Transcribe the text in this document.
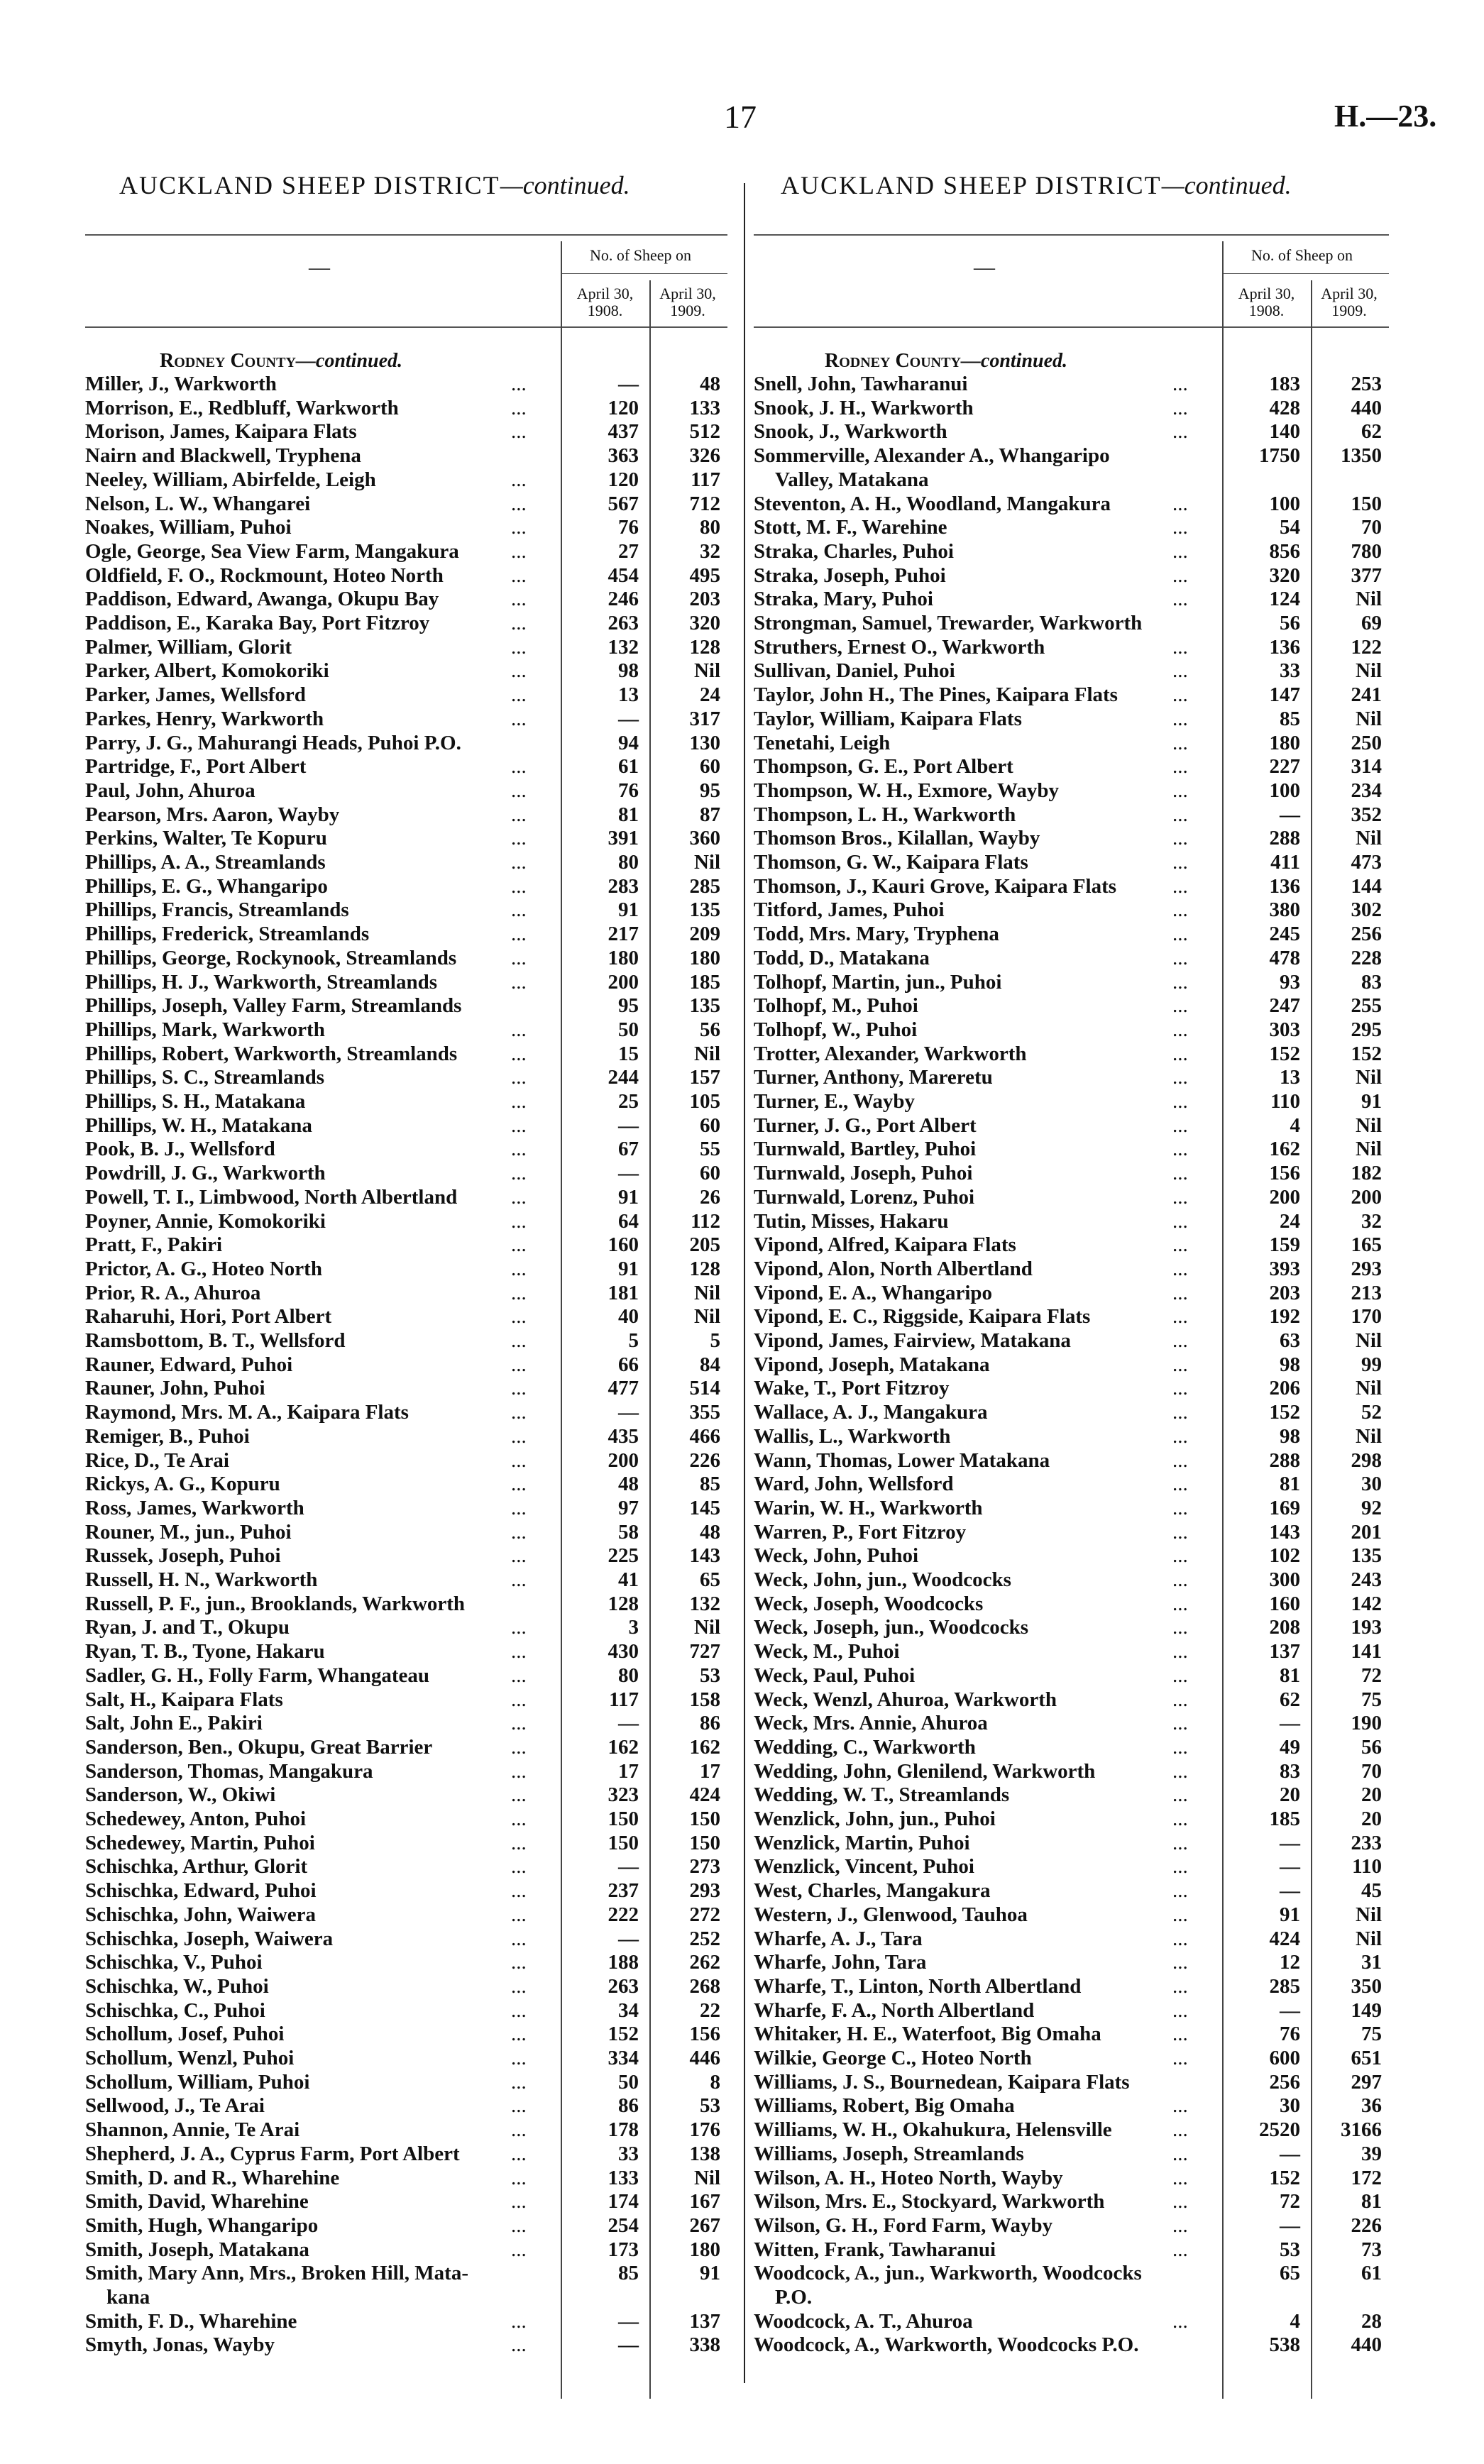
17	H.—23.
AUCKLAND SHEEP DISTRICT—continued.	AUCKLAND SHEEP DISTRICT—continued.
—
No. of Sheep on
April 30, 1908.
April 30, 1909.
Rodney County—continued.
Miller, J., Warkworth	...	—	48
Morrison, E., Redbluff, Warkworth	...	120	133
Morison, James, Kaipara Flats	...	437	512
Nairn and Blackwell, Tryphena	363	326
Neeley, William, Abirfelde, Leigh	...	120	117
Nelson, L. W., Whangarei	...	567	712
Noakes, William, Puhoi	...	76	80
Ogle, George, Sea View Farm, Mangakura	...	27	32
Oldfield, F. O., Rockmount, Hoteo North	...	454	495
Paddison, Edward, Awanga, Okupu Bay	...	246	203
Paddison, E., Karaka Bay, Port Fitzroy	...	263	320
Palmer, William, Glorit	...	132	128
Parker, Albert, Komokoriki	...	98	Nil
Parker, James, Wellsford	...	13	24
Parkes, Henry, Warkworth	...	—	317
Parry, J. G., Mahurangi Heads, Puhoi P.O.	94	130
Partridge, F., Port Albert	...	61	60
Paul, John, Ahuroa	...	76	95
Pearson, Mrs. Aaron, Wayby	...	81	87
Perkins, Walter, Te Kopuru	...	391	360
Phillips, A. A., Streamlands	...	80	Nil
Phillips, E. G., Whangaripo	...	283	285
Phillips, Francis, Streamlands	...	91	135
Phillips, Frederick, Streamlands	...	217	209
Phillips, George, Rockynook, Streamlands	...	180	180
Phillips, H. J., Warkworth, Streamlands	...	200	185
Phillips, Joseph, Valley Farm, Streamlands	95	135
Phillips, Mark, Warkworth	...	50	56
Phillips, Robert, Warkworth, Streamlands	...	15	Nil
Phillips, S. C., Streamlands	...	244	157
Phillips, S. H., Matakana	...	25	105
Phillips, W. H., Matakana	...	—	60
Pook, B. J., Wellsford	...	67	55
Powdrill, J. G., Warkworth	...	—	60
Powell, T. I., Limbwood, North Albertland	...	91	26
Poyner, Annie, Komokoriki	...	64	112
Pratt, F., Pakiri	...	160	205
Prictor, A. G., Hoteo North	...	91	128
Prior, R. A., Ahuroa	...	181	Nil
Raharuhi, Hori, Port Albert	...	40	Nil
Ramsbottom, B. T., Wellsford	...	5	5
Rauner, Edward, Puhoi	...	66	84
Rauner, John, Puhoi	...	477	514
Raymond, Mrs. M. A., Kaipara Flats	...	—	355
Remiger, B., Puhoi	...	435	466
Rice, D., Te Arai	...	200	226
Rickys, A. G., Kopuru	...	48	85
Ross, James, Warkworth	...	97	145
Rouner, M., jun., Puhoi	...	58	48
Russek, Joseph, Puhoi	...	225	143
Russell, H. N., Warkworth	...	41	65
Russell, P. F., jun., Brooklands, Warkworth	128	132
Ryan, J. and T., Okupu	...	3	Nil
Ryan, T. B., Tyone, Hakaru	...	430	727
Sadler, G. H., Folly Farm, Whangateau	...	80	53
Salt, H., Kaipara Flats	...	117	158
Salt, John E., Pakiri	...	—	86
Sanderson, Ben., Okupu, Great Barrier	...	162	162
Sanderson, Thomas, Mangakura	...	17	17
Sanderson, W., Okiwi	...	323	424
Schedewey, Anton, Puhoi	...	150	150
Schedewey, Martin, Puhoi	...	150	150
Schischka, Arthur, Glorit	...	—	273
Schischka, Edward, Puhoi	...	237	293
Schischka, John, Waiwera	...	222	272
Schischka, Joseph, Waiwera	...	—	252
Schischka, V., Puhoi	...	188	262
Schischka, W., Puhoi	...	263	268
Schischka, C., Puhoi	...	34	22
Schollum, Josef, Puhoi	...	152	156
Schollum, Wenzl, Puhoi	...	334	446
Schollum, William, Puhoi	...	50	8
Sellwood, J., Te Arai	...	86	53
Shannon, Annie, Te Arai	...	178	176
Shepherd, J. A., Cyprus Farm, Port Albert ...	33	138
Smith, D. and R., Wharehine	...	133	Nil
Smith, David, Wharehine	...	174	167
Smith, Hugh, Whangaripo	...	254	267
Smith, Joseph, Matakana	...	173	180
Smith, Mary Ann, Mrs., Broken Hill, Mata-	85	91
kana
Smith, F. D., Wharehine	...	—	137
Smyth, Jonas, Wayby	...	—	338
—
No. of Sheep on
April 30, 1908.
April 30, 1909.
Rodney County—continued.
Snell, John, Tawharanui	...	183	253
Snook, J. H., Warkworth	...	428	440
Snook, J., Warkworth	...	140	62
Sommerville, Alexander A., Whangaripo	1750	1350
Valley, Matakana
Steventon, A. H., Woodland, Mangakura	...	100	150
Stott, M. F., Warehine	...	54	70
Straka, Charles, Puhoi	...	856	780
Straka, Joseph, Puhoi	...	320	377
Straka, Mary, Puhoi	...	124	Nil
Strongman, Samuel, Trewarder, Warkworth	56	69
Struthers, Ernest O., Warkworth	...	136	122
Sullivan, Daniel, Puhoi	...	33	Nil
Taylor, John H., The Pines, Kaipara Flats	...	147	241
Taylor, William, Kaipara Flats	...	85	Nil
Tenetahi, Leigh	...	180	250
Thompson, G. E., Port Albert	...	227	314
Thompson, W. H., Exmore, Wayby	...	100	234
Thompson, L. H., Warkworth	...	—	352
Thomson Bros., Kilallan, Wayby	...	288	Nil
Thomson, G. W., Kaipara Flats	...	411	473
Thomson, J., Kauri Grove, Kaipara Flats	...	136	144
Titford, James, Puhoi	...	380	302
Todd, Mrs. Mary, Tryphena	...	245	256
Todd, D., Matakana	...	478	228
Tolhopf, Martin, jun., Puhoi	...	93	83
Tolhopf, M., Puhoi	...	247	255
Tolhopf, W., Puhoi	...	303	295
Trotter, Alexander, Warkworth	...	152	152
Turner, Anthony, Mareretu	...	13	Nil
Turner, E., Wayby	...	110	91
Turner, J. G., Port Albert	...	4	Nil
Turnwald, Bartley, Puhoi	...	162	Nil
Turnwald, Joseph, Puhoi	...	156	182
Turnwald, Lorenz, Puhoi	...	200	200
Tutin, Misses, Hakaru	...	24	32
Vipond, Alfred, Kaipara Flats	...	159	165
Vipond, Alon, North Albertland	...	393	293
Vipond, E. A., Whangaripo	...	203	213
Vipond, E. C., Riggside, Kaipara Flats	...	192	170
Vipond, James, Fairview, Matakana	...	63	Nil
Vipond, Joseph, Matakana	...	98	99
Wake, T., Port Fitzroy	...	206	Nil
Wallace, A. J., Mangakura	...	152	52
Wallis, L., Warkworth	...	98	Nil
Wann, Thomas, Lower Matakana	...	288	298
Ward, John, Wellsford	...	81	30
Warin, W. H., Warkworth	...	169	92
Warren, P., Fort Fitzroy	...	143	201
Weck, John, Puhoi	...	102	135
Weck, John, jun., Woodcocks	...	300	243
Weck, Joseph, Woodcocks	...	160	142
Weck, Joseph, jun., Woodcocks	...	208	193
Weck, M., Puhoi	...	137	141
Weck, Paul, Puhoi	...	81	72
Weck, Wenzl, Ahuroa, Warkworth	...	62	75
Weck, Mrs. Annie, Ahuroa	...	—	190
Wedding, C., Warkworth	...	49	56
Wedding, John, Glenilend, Warkworth	...	83	70
Wedding, W. T., Streamlands	...	20	20
Wenzlick, John, jun., Puhoi	...	185	20
Wenzlick, Martin, Puhoi	...	—	233
Wenzlick, Vincent, Puhoi	...	—	110
West, Charles, Mangakura	...	—	45
Western, J., Glenwood, Tauhoa	...	91	Nil
Wharfe, A. J., Tara	...	424	Nil
Wharfe, John, Tara	...	12	31
Wharfe, T., Linton, North Albertland	...	285	350
Wharfe, F. A., North Albertland	...	—	149
Whitaker, H. E., Waterfoot, Big Omaha	...	76	75
Wilkie, George C., Hoteo North	...	600	651
Williams, J. S., Bournedean, Kaipara Flats	256	297
Williams, Robert, Big Omaha	...	30	36
Williams, W. H., Okahukura, Helensville	...	2520	3166
Williams, Joseph, Streamlands	...	—	39
Wilson, A. H., Hoteo North, Wayby	...	152	172
Wilson, Mrs. E., Stockyard, Warkworth	...	72	81
Wilson, G. H., Ford Farm, Wayby	...	—	226
Witten, Frank, Tawharanui	...	53	73
Woodcock, A., jun., Warkworth, Woodcocks	65	61
P.O.
Woodcock, A. T., Ahuroa	...	4	28
Woodcock, A., Warkworth, Woodcocks P.O.	538	440
